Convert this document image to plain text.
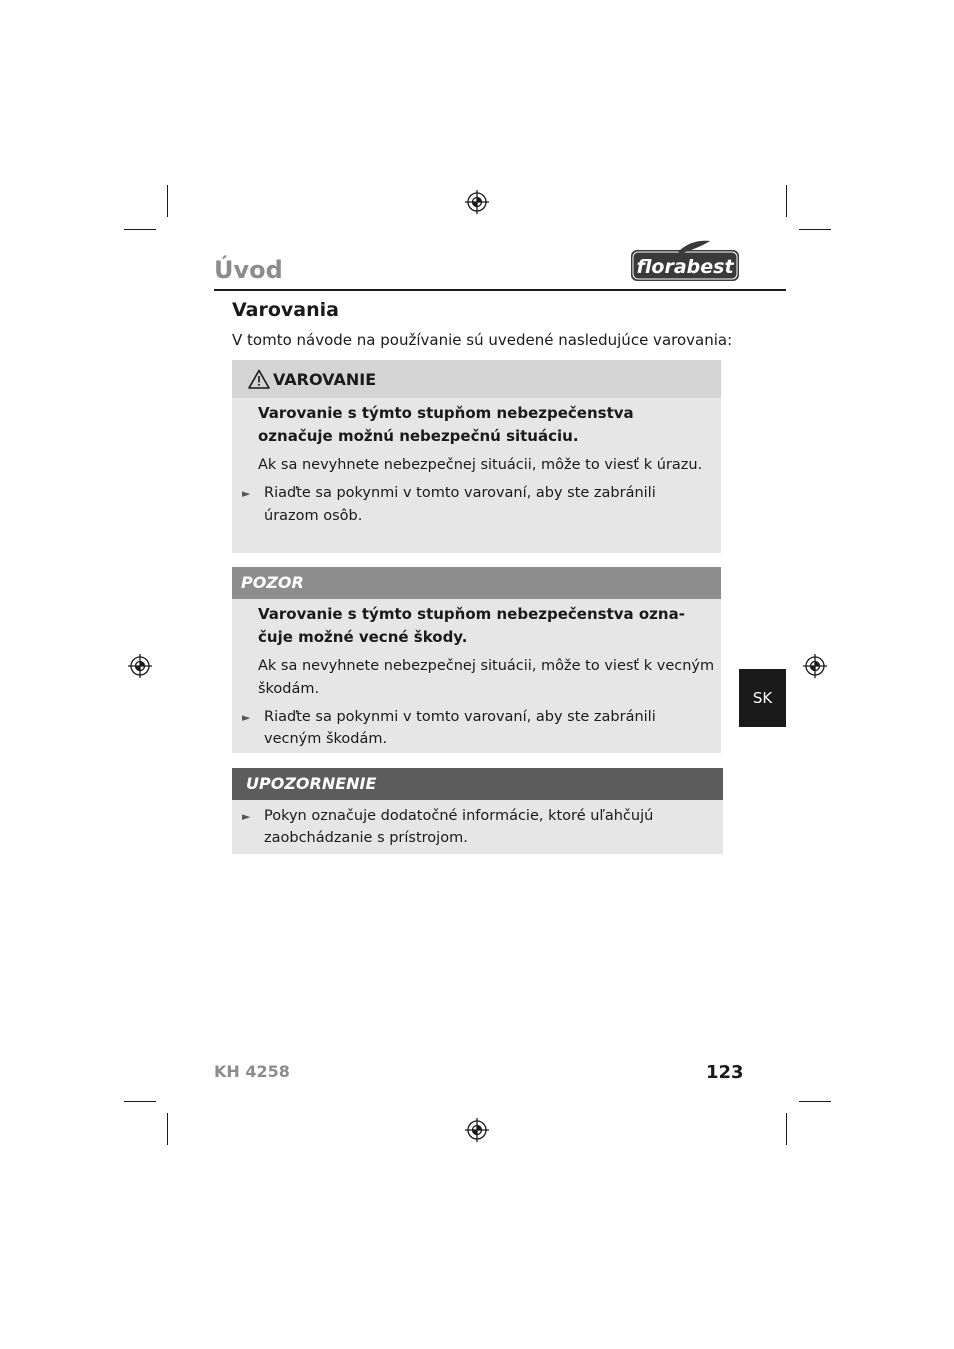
Úvod	florabest
Varovania
V tomto návode na používanie sú uvedené nasledujúce varovania:
VAROVANIE
Varovanie s týmto stupňom nebezpečenstva
označuje možnú nebezpečnú situáciu.
Ak sa nevyhnete nebezpečnej situácii, môže to viesť k úrazu.
► Riaďte sa pokynmi v tomto varovaní, aby ste zabránili
úrazom osôb.
POZOR
Varovanie s týmto stupňom nebezpečenstva ozna-
čuje možné vecné škody.
Ak sa nevyhnete nebezpečnej situácii, môže to viesť k vecným
škodám.
► Riaďte sa pokynmi v tomto varovaní, aby ste zabránili
vecným škodám.
UPOZORNENIE
► Pokyn označuje dodatočné informácie, ktoré uľahčujú
zaobchádzanie s prístrojom.
SK
KH 4258	123
